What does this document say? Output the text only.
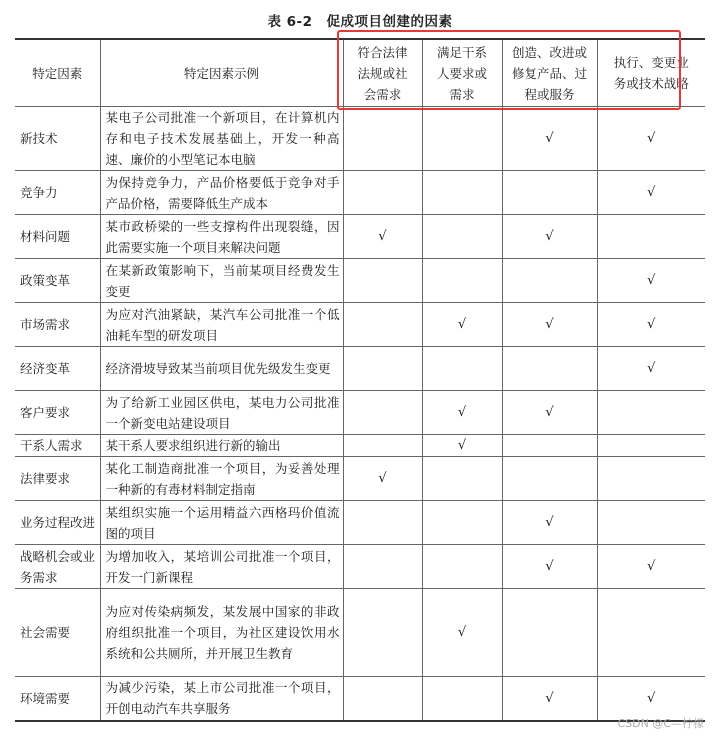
表 6-2　促成项目创建的因素
特定因素	特定因素示例	符合法律法规或社会需求	满足干系人要求或需求	创造、改进或修复产品、过程或服务	执行、变更业务或技术战略
新技术	某电子公司批准一个新项目，在计算机内存和电子技术发展基础上，开发一种高速、廉价的小型笔记本电脑			√	√
竞争力	为保持竞争力，产品价格要低于竞争对手产品价格，需要降低生产成本				√
材料问题	某市政桥梁的一些支撑构件出现裂缝，因此需要实施一个项目来解决问题	√		√	
政策变革	在某新政策影响下，当前某项目经费发生变更				√
市场需求	为应对汽油紧缺，某汽车公司批准一个低油耗车型的研发项目		√	√	√
经济变革	经济滑坡导致某当前项目优先级发生变更				√
客户要求	为了给新工业园区供电，某电力公司批准一个新变电站建设项目		√	√	
干系人需求	某干系人要求组织进行新的输出		√		
法律要求	某化工制造商批准一个项目，为妥善处理一种新的有毒材料制定指南	√			
业务过程改进	某组织实施一个运用精益六西格玛价值流图的项目			√	
战略机会或业务需求	为增加收入，某培训公司批准一个项目，开发一门新课程			√	√
社会需要	为应对传染病频发，某发展中国家的非政府组织批准一个项目，为社区建设饮用水系统和公共厕所，并开展卫生教育		√		
环境需要	为减少污染，某上市公司批准一个项目，开创电动汽车共享服务			√	√
CSDN @C—柠檬
